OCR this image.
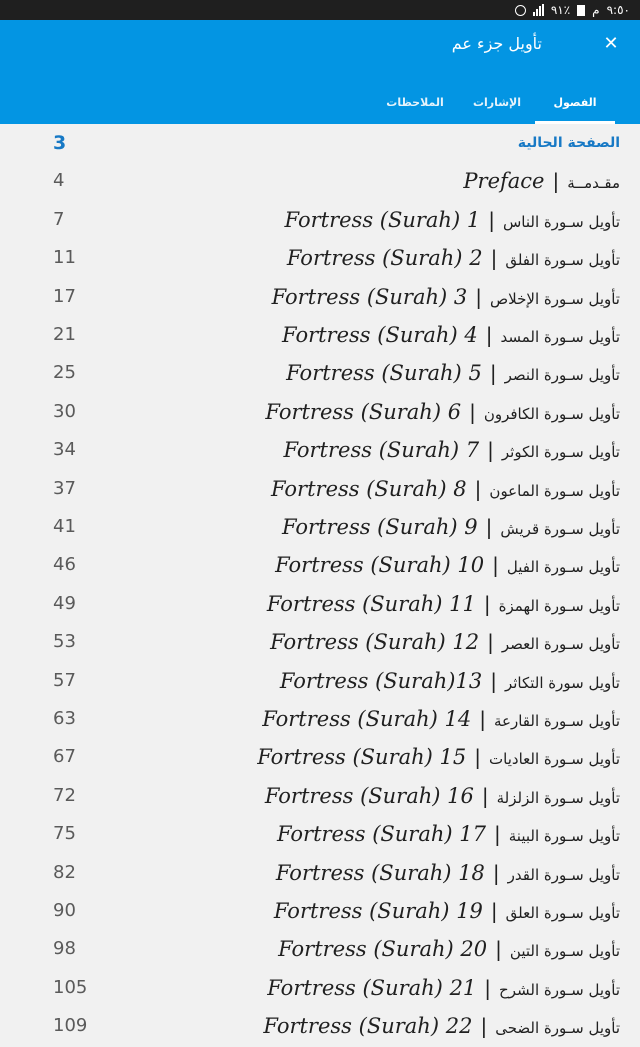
٩١٪ م ٩:٥٠
تأويل جزء عم	✕
الفصول
الإشارات
الملاحظات
3	الصفحة الحالية
4	مقـدمــة|Preface
7	تأويل سـورة الناس|1 Fortress (Surah)
11	تأويل سـورة الفلق|2 Fortress (Surah)
17	تأويل سـورة الإخلاص|3 Fortress (Surah)
21	تأويل سـورة المسد|4 Fortress (Surah)
25	تأويل سـورة النصر|5 Fortress (Surah)
30	تأويل سـورة الكافرون|6 Fortress (Surah)
34	تأويل سـورة الكوثر|7 Fortress (Surah)
37	تأويل سـورة الماعون|8 Fortress (Surah)
41	تأويل سـورة قريش|9 Fortress (Surah)
46	تأويل سـورة الفيل|10 Fortress (Surah)
49	تأويل سـورة الهمزة|11 Fortress (Surah)
53	تأويل سـورة العصر|12 Fortress (Surah)
57	تأويل سورة التكاثر|Fortress (Surah)13
63	تأويل سـورة القارعة|14 Fortress (Surah)
67	تأويل سـورة العاديات|15 Fortress (Surah)
72	تأويل سـورة الزلزلة|16 Fortress (Surah)
75	تأويل سـورة البينة|17 Fortress (Surah)
82	تأويل سـورة القدر|18 Fortress (Surah)
90	تأويل سـورة العلق|19 Fortress (Surah)
98	تأويل سـورة التين|20 Fortress (Surah)
105	تأويل سـورة الشرح|21 Fortress (Surah)
109	تأويل سـورة الضحى|22 Fortress (Surah)
